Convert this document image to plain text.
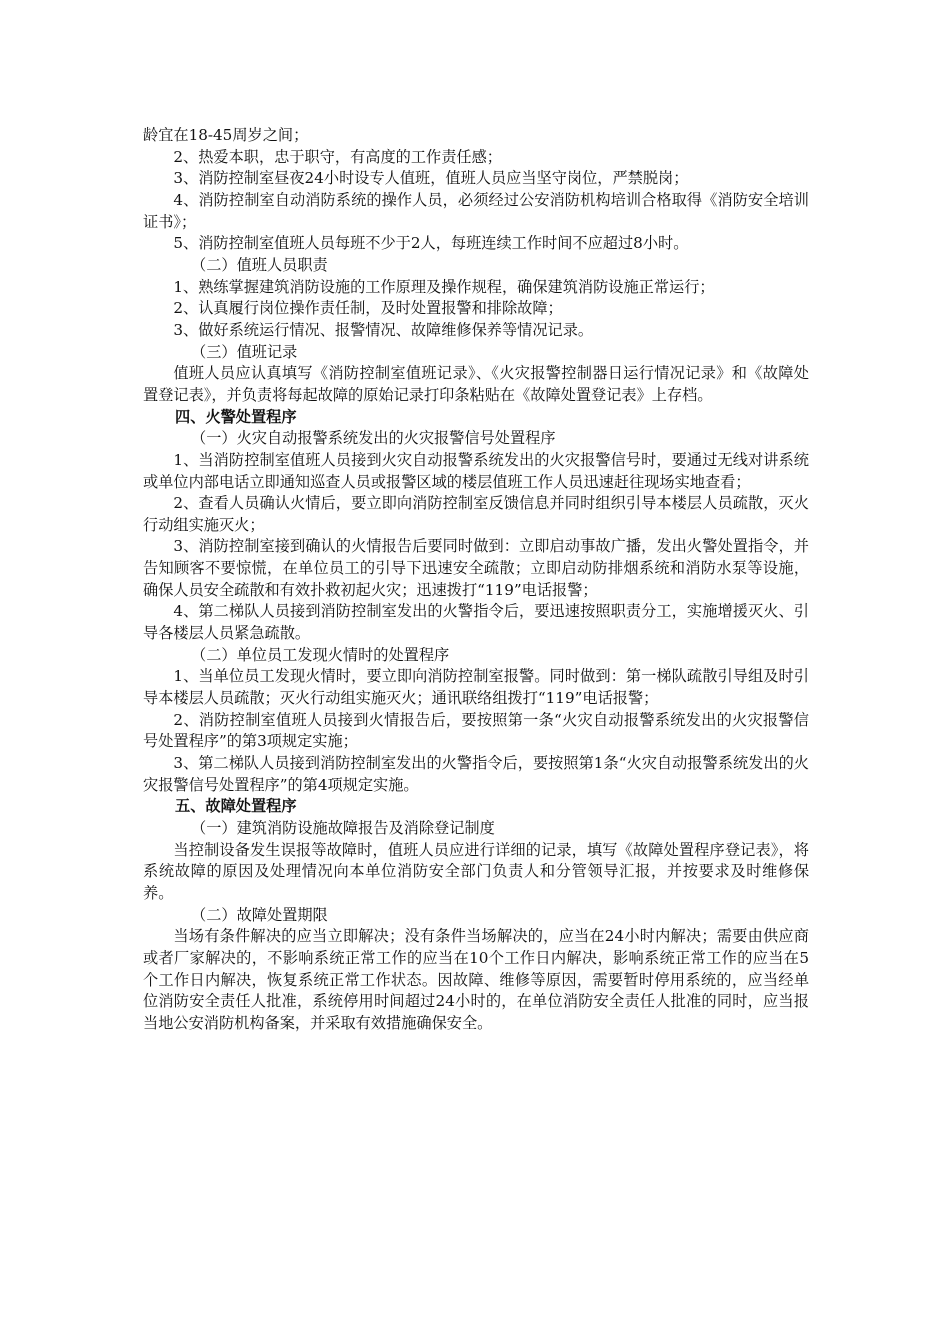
龄宜在18-45周岁之间；

2、热爱本职，忠于职守，有高度的工作责任感；

3、消防控制室昼夜24小时设专人值班，值班人员应当坚守岗位，严禁脱岗；

4、消防控制室自动消防系统的操作人员，必须经过公安消防机构培训合格取得《消防安全培训证书》；

5、消防控制室值班人员每班不少于2人，每班连续工作时间不应超过8小时。

（二）值班人员职责

1、熟练掌握建筑消防设施的工作原理及操作规程，确保建筑消防设施正常运行；

2、认真履行岗位操作责任制，及时处置报警和排除故障；

3、做好系统运行情况、报警情况、故障维修保养等情况记录。

（三）值班记录

值班人员应认真填写《消防控制室值班记录》、《火灾报警控制器日运行情况记录》和《故障处置登记表》，并负责将每起故障的原始记录打印条粘贴在《故障处置登记表》上存档。

四、火警处置程序

（一）火灾自动报警系统发出的火灾报警信号处置程序

1、当消防控制室值班人员接到火灾自动报警系统发出的火灾报警信号时，要通过无线对讲系统或单位内部电话立即通知巡查人员或报警区域的楼层值班工作人员迅速赶往现场实地查看；

2、查看人员确认火情后，要立即向消防控制室反馈信息并同时组织引导本楼层人员疏散，灭火行动组实施灭火；

3、消防控制室接到确认的火情报告后要同时做到：立即启动事故广播，发出火警处置指令，并告知顾客不要惊慌，在单位员工的引导下迅速安全疏散；立即启动防排烟系统和消防水泵等设施，确保人员安全疏散和有效扑救初起火灾；迅速拨打“119”电话报警；

4、第二梯队人员接到消防控制室发出的火警指令后，要迅速按照职责分工，实施增援灭火、引导各楼层人员紧急疏散。

（二）单位员工发现火情时的处置程序

1、当单位员工发现火情时，要立即向消防控制室报警。同时做到：第一梯队疏散引导组及时引导本楼层人员疏散；灭火行动组实施灭火；通讯联络组拨打“119”电话报警；

2、消防控制室值班人员接到火情报告后，要按照第一条“火灾自动报警系统发出的火灾报警信号处置程序”的第3项规定实施；

3、第二梯队人员接到消防控制室发出的火警指令后，要按照第1条“火灾自动报警系统发出的火灾报警信号处置程序”的第4项规定实施。

五、故障处置程序

（一）建筑消防设施故障报告及消除登记制度

当控制设备发生误报等故障时，值班人员应进行详细的记录，填写《故障处置程序登记表》，将系统故障的原因及处理情况向本单位消防安全部门负责人和分管领导汇报，并按要求及时维修保养。

（二）故障处置期限

当场有条件解决的应当立即解决；没有条件当场解决的，应当在24小时内解决；需要由供应商或者厂家解决的，不影响系统正常工作的应当在10个工作日内解决，影响系统正常工作的应当在5个工作日内解决，恢复系统正常工作状态。因故障、维修等原因，需要暂时停用系统的，应当经单位消防安全责任人批准，系统停用时间超过24小时的，在单位消防安全责任人批准的同时，应当报当地公安消防机构备案，并采取有效措施确保安全。
